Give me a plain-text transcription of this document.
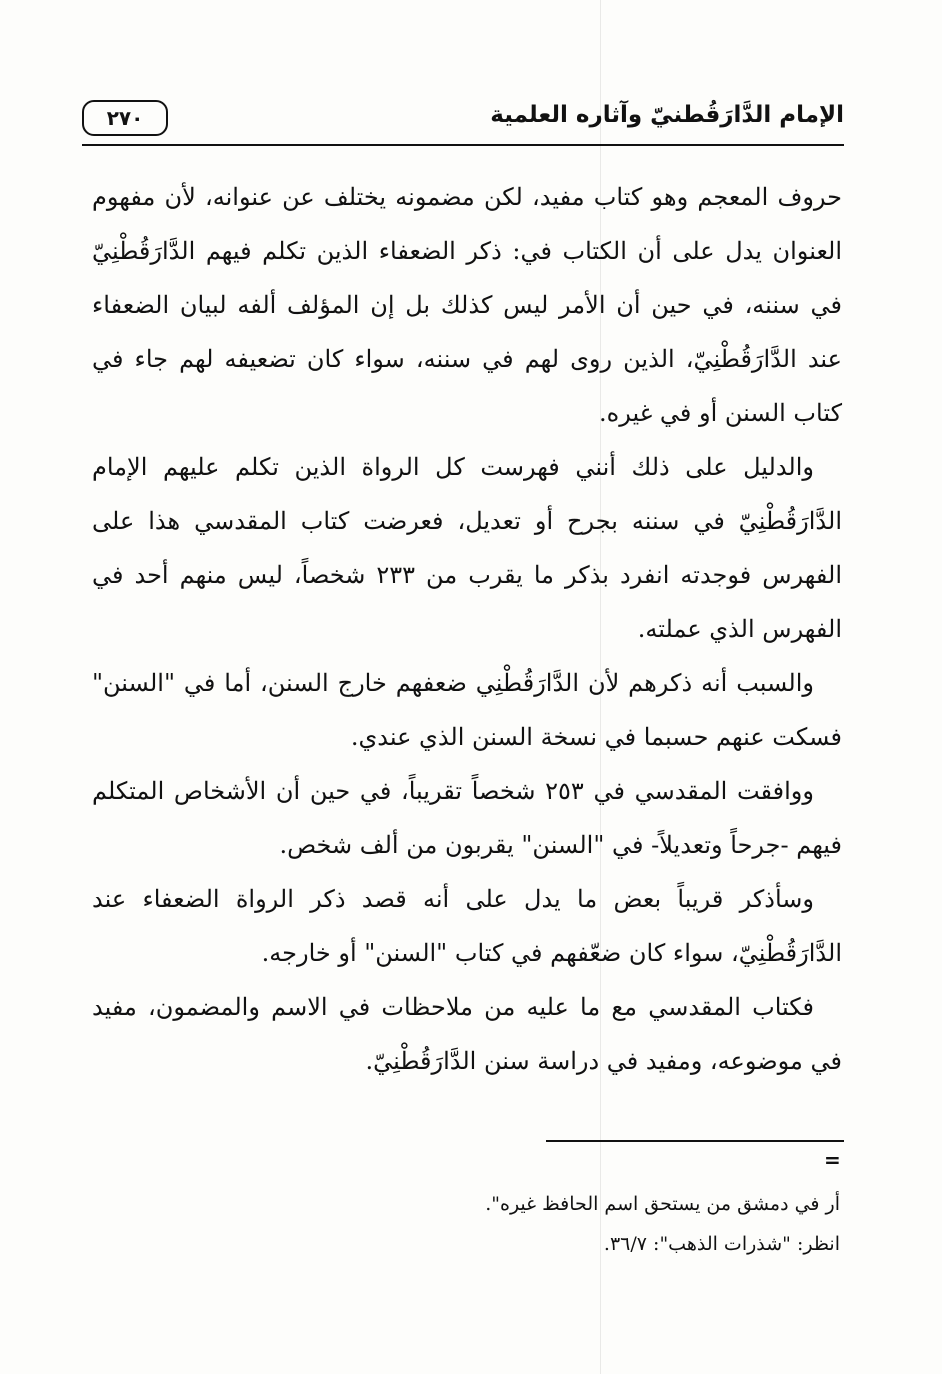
الإمام الدَّارَقُطنيّ وآثاره العلمية
٢٧٠

حروف المعجم وهو كتاب مفيد، لكن مضمونه يختلف عن عنوانه، لأن مفهوم العنوان يدل على أن الكتاب في: ذكر الضعفاء الذين تكلم فيهم الدَّارَقُطْنِيّ في سننه، في حين أن الأمر ليس كذلك بل إن المؤلف ألفه لبيان الضعفاء عند الدَّارَقُطْنِيّ، الذين روى لهم في سننه، سواء كان تضعيفه لهم جاء في كتاب السنن أو في غيره.

والدليل على ذلك أنني فهرست كل الرواة الذين تكلم عليهم الإمام الدَّارَقُطْنِيّ في سننه بجرح أو تعديل، فعرضت كتاب المقدسي هذا على الفهرس فوجدته انفرد بذكر ما يقرب من ٢٣٣ شخصاً، ليس منهم أحد في الفهرس الذي عملته.

والسبب أنه ذكرهم لأن الدَّارَقُطْنِي ضعفهم خارج السنن، أما في "السنن" فسكت عنهم حسبما في نسخة السنن الذي عندي.

ووافقت المقدسي في ٢٥٣ شخصاً تقريباً، في حين أن الأشخاص المتكلم فيهم -جرحاً وتعديلاً- في "السنن" يقربون من ألف شخص.

وسأذكر قريباً بعض ما يدل على أنه قصد ذكر الرواة الضعفاء عند الدَّارَقُطْنِيّ، سواء كان ضعّفهم في كتاب "السنن" أو خارجه.

فكتاب المقدسي مع ما عليه من ملاحظات في الاسم والمضمون، مفيد في موضوعه، ومفيد في دراسة سنن الدَّارَقُطْنِيّ.

=
أر في دمشق من يستحق اسم الحافظ غيره".
انظر: "شذرات الذهب": ٣٦/٧.
